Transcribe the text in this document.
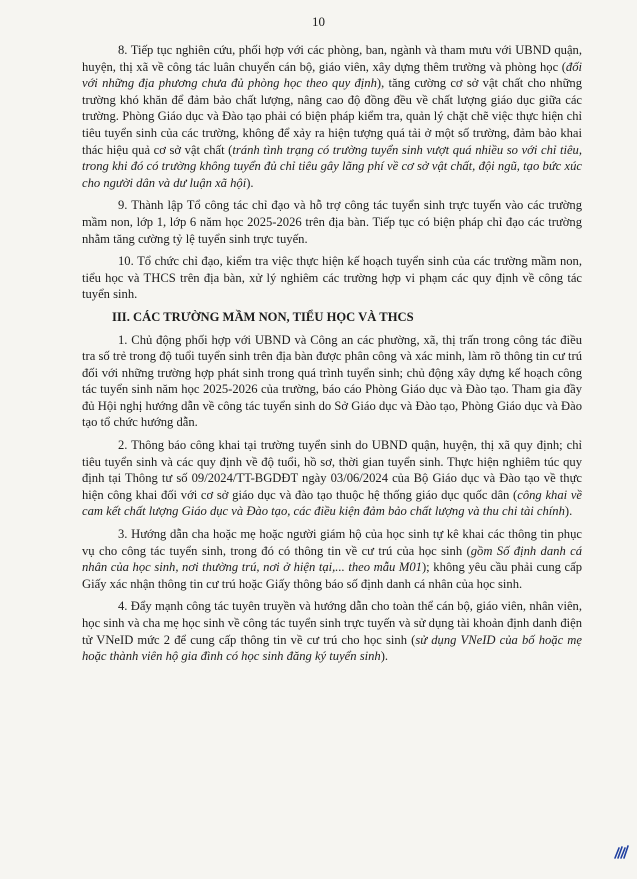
10

8. Tiếp tục nghiên cứu, phối hợp với các phòng, ban, ngành và tham mưu với UBND quận, huyện, thị xã về công tác luân chuyển cán bộ, giáo viên, xây dựng thêm trường và phòng học (đối với những địa phương chưa đủ phòng học theo quy định), tăng cường cơ sở vật chất cho những trường khó khăn để đảm bảo chất lượng, nâng cao độ đồng đều về chất lượng giáo dục giữa các trường. Phòng Giáo dục và Đào tạo phải có biện pháp kiểm tra, quản lý chặt chẽ việc thực hiện chỉ tiêu tuyển sinh của các trường, không để xảy ra hiện tượng quá tải ở một số trường, đảm bảo khai thác hiệu quả cơ sở vật chất (tránh tình trạng có trường tuyển sinh vượt quá nhiều so với chỉ tiêu, trong khi đó có trường không tuyển đủ chỉ tiêu gây lãng phí về cơ sở vật chất, đội ngũ, tạo bức xúc cho người dân và dư luận xã hội).

9. Thành lập Tổ công tác chỉ đạo và hỗ trợ công tác tuyển sinh trực tuyến vào các trường mầm non, lớp 1, lớp 6 năm học 2025-2026 trên địa bàn. Tiếp tục có biện pháp chỉ đạo các trường nhằm tăng cường tỷ lệ tuyển sinh trực tuyến.

10. Tổ chức chỉ đạo, kiểm tra việc thực hiện kế hoạch tuyển sinh của các trường mầm non, tiểu học và THCS trên địa bàn, xử lý nghiêm các trường hợp vi phạm các quy định về công tác tuyển sinh.

III. CÁC TRƯỜNG MẦM NON, TIỂU HỌC VÀ THCS

1. Chủ động phối hợp với UBND và Công an các phường, xã, thị trấn trong công tác điều tra số trẻ trong độ tuổi tuyển sinh trên địa bàn được phân công và xác minh, làm rõ thông tin cư trú đối với những trường hợp phát sinh trong quá trình tuyển sinh; chủ động xây dựng kế hoạch công tác tuyển sinh năm học 2025-2026 của trường, báo cáo Phòng Giáo dục và Đào tạo. Tham gia đầy đủ Hội nghị hướng dẫn về công tác tuyển sinh do Sở Giáo dục và Đào tạo, Phòng Giáo dục và Đào tạo tổ chức hướng dẫn.

2. Thông báo công khai tại trường tuyển sinh do UBND quận, huyện, thị xã quy định; chỉ tiêu tuyển sinh và các quy định về độ tuổi, hồ sơ, thời gian tuyển sinh. Thực hiện nghiêm túc quy định tại Thông tư số 09/2024/TT-BGDĐT ngày 03/06/2024 của Bộ Giáo dục và Đào tạo về thực hiện công khai đối với cơ sở giáo dục và đào tạo thuộc hệ thống giáo dục quốc dân (công khai về cam kết chất lượng Giáo dục và Đào tạo, các điều kiện đảm bảo chất lượng và thu chi tài chính).

3. Hướng dẫn cha hoặc mẹ hoặc người giám hộ của học sinh tự kê khai các thông tin phục vụ cho công tác tuyển sinh, trong đó có thông tin về cư trú của học sinh (gồm Số định danh cá nhân của học sinh, nơi thường trú, nơi ở hiện tại,... theo mẫu M01); không yêu cầu phải cung cấp Giấy xác nhận thông tin cư trú hoặc Giấy thông báo số định danh cá nhân của học sinh.

4. Đẩy mạnh công tác tuyên truyền và hướng dẫn cho toàn thể cán bộ, giáo viên, nhân viên, học sinh và cha mẹ học sinh về công tác tuyển sinh trực tuyến và sử dụng tài khoản định danh điện tử VNeID mức 2 để cung cấp thông tin về cư trú cho học sinh (sử dụng VNeID của bố hoặc mẹ hoặc thành viên hộ gia đình có học sinh đăng ký tuyển sinh).
